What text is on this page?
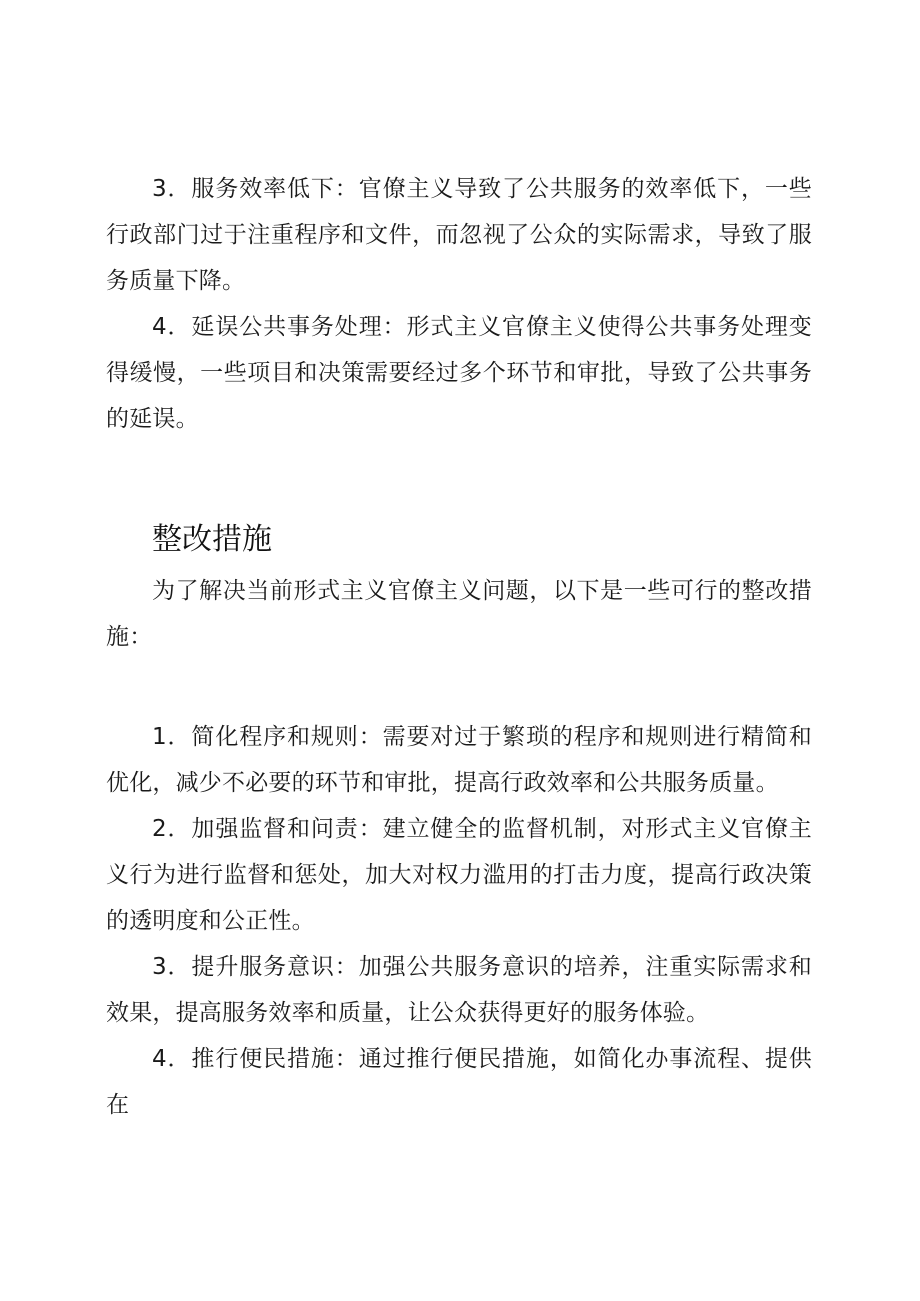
3．服务效率低下：官僚主义导致了公共服务的效率低下，一些行政部门过于注重程序和文件，而忽视了公众的实际需求，导致了服务质量下降。

4．延误公共事务处理：形式主义官僚主义使得公共事务处理变得缓慢，一些项目和决策需要经过多个环节和审批，导致了公共事务的延误。

整改措施

为了解决当前形式主义官僚主义问题，以下是一些可行的整改措施：

1．简化程序和规则：需要对过于繁琐的程序和规则进行精简和优化，减少不必要的环节和审批，提高行政效率和公共服务质量。

2．加强监督和问责：建立健全的监督机制，对形式主义官僚主义行为进行监督和惩处，加大对权力滥用的打击力度，提高行政决策的透明度和公正性。

3．提升服务意识：加强公共服务意识的培养，注重实际需求和效果，提高服务效率和质量，让公众获得更好的服务体验。

4．推行便民措施：通过推行便民措施，如简化办事流程、提供在
